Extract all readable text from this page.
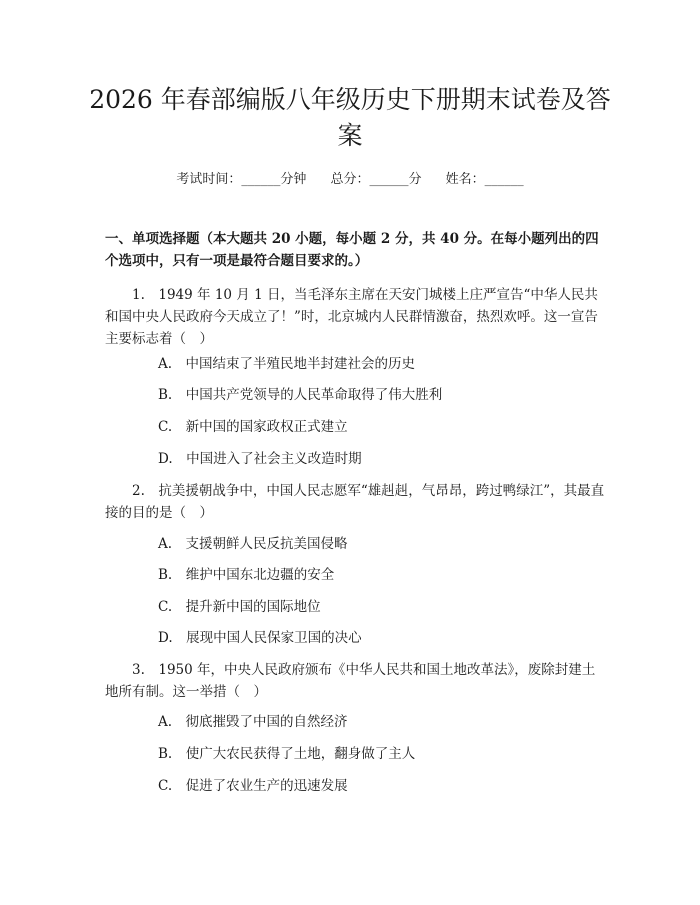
2026 年春部编版八年级历史下册期末试卷及答案
考试时间：______分钟 总分：______分 姓名：______

一、单项选择题（本大题共 20 小题，每小题 2 分，共 40 分。在每小题列出的四个选项中，只有一项是最符合题目要求的。）

1.　1949 年 10 月 1 日，当毛泽东主席在天安门城楼上庄严宣告“中华人民共和国中央人民政府今天成立了！”时，北京城内人民群情激奋，热烈欢呼。这一宣告主要标志着（　）

A.　中国结束了半殖民地半封建社会的历史

B.　中国共产党领导的人民革命取得了伟大胜利

C.　新中国的国家政权正式建立

D.　中国进入了社会主义改造时期

2.　抗美援朝战争中，中国人民志愿军“雄赳赳，气昂昂，跨过鸭绿江”，其最直接的目的是（　）

A.　支援朝鲜人民反抗美国侵略

B.　维护中国东北边疆的安全

C.　提升新中国的国际地位

D.　展现中国人民保家卫国的决心

3.　1950 年，中央人民政府颁布《中华人民共和国土地改革法》，废除封建土地所有制。这一举措（　）

A.　彻底摧毁了中国的自然经济

B.　使广大农民获得了土地，翻身做了主人

C.　促进了农业生产的迅速发展
